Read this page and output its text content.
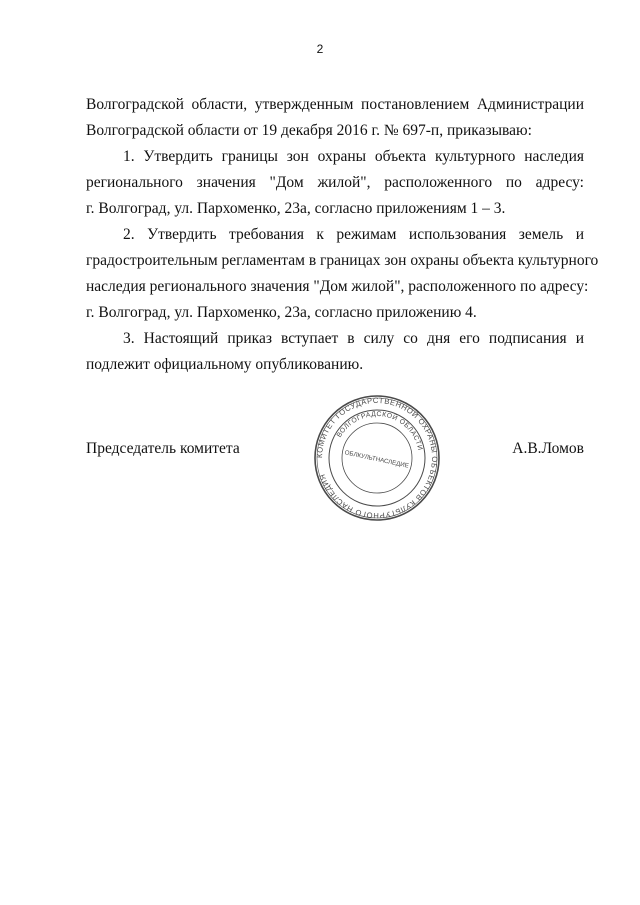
2
Волгоградской области, утвержденным постановлением Администрации
Волгоградской области от 19 декабря 2016 г. № 697-п, приказываю:
1. Утвердить границы зон охраны объекта культурного наследия
регионального значения "Дом жилой", расположенного по адресу:
г. Волгоград, ул. Пархоменко, 23а, согласно приложениям 1 – 3.
2. Утвердить требования к режимам использования земель и
градостроительным регламентам в границах зон охраны объекта культурного
наследия регионального значения "Дом жилой", расположенного по адресу:
г. Волгоград, ул. Пархоменко, 23а, согласно приложению 4.
3. Настоящий приказ вступает в силу со дня его подписания и
подлежит официальному опубликованию.
Председатель комитета	А.В.Ломов
КОМИТЕТ ГОСУДАРСТВЕННОЙ ОХРАНЫ ОБЪЕКТОВ КУЛЬТУРНОГО НАСЛЕДИЯ
ВОЛГОГРАДСКОЙ ОБЛАСТИ
ОБЛКУЛЬТНАСЛЕДИЕ
